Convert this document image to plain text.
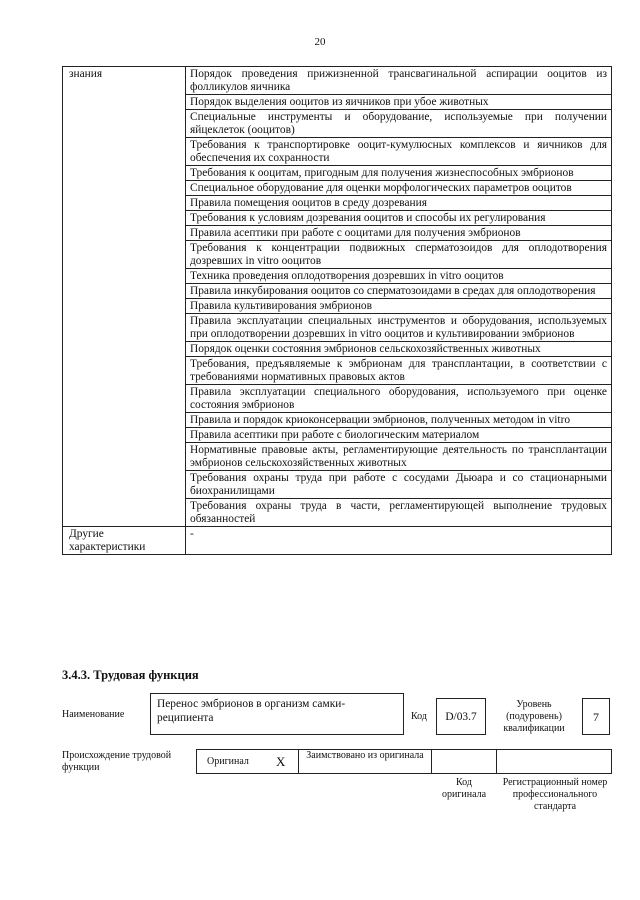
20
знания	Порядок проведения прижизненной трансвагинальной аспирации ооцитов из фолликулов яичника
	Порядок выделения ооцитов из яичников при убое животных
	Специальные инструменты и оборудование, используемые при получении яйцеклеток (ооцитов)
	Требования к транспортировке ооцит-кумулюсных комплексов и яичников для обеспечения их сохранности
	Требования к ооцитам, пригодным для получения жизнеспособных эмбрионов
	Специальное оборудование для оценки морфологических параметров ооцитов
	Правила помещения ооцитов в среду дозревания
	Требования к условиям дозревания ооцитов и способы их регулирования
	Правила асептики при работе с ооцитами для получения эмбрионов
	Требования к концентрации подвижных сперматозоидов для оплодотворения дозревших in vitro ооцитов
	Техника проведения оплодотворения дозревших in vitro ооцитов
	Правила инкубирования ооцитов со сперматозоидами в средах для оплодотворения
	Правила культивирования эмбрионов
	Правила эксплуатации специальных инструментов и оборудования, используемых при оплодотворении дозревших in vitro ооцитов и культивировании эмбрионов
	Порядок оценки состояния эмбрионов сельскохозяйственных животных
	Требования, предъявляемые к эмбрионам для трансплантации, в соответствии с требованиями нормативных правовых актов
	Правила эксплуатации специального оборудования, используемого при оценке состояния эмбрионов
	Правила и порядок криоконсервации эмбрионов, полученных методом in vitro
	Правила асептики при работе с биологическим материалом
	Нормативные правовые акты, регламентирующие деятельность по трансплантации эмбрионов сельскохозяйственных животных
	Требования охраны труда при работе с сосудами Дьюара и со стационарными биохранилищами
	Требования охраны труда в части, регламентирующей выполнение трудовых обязанностей
Другие характеристики	-
3.4.3. Трудовая функция
Наименование
Перенос эмбрионов в организм самки-реципиента	Код	D/03.7
Уровень (подуровень) квалификации
7
Происхождение трудовой функции
Оригинал X	Заимствовано из оригинала
Код оригинала
Регистрационный номер профессионального стандарта
